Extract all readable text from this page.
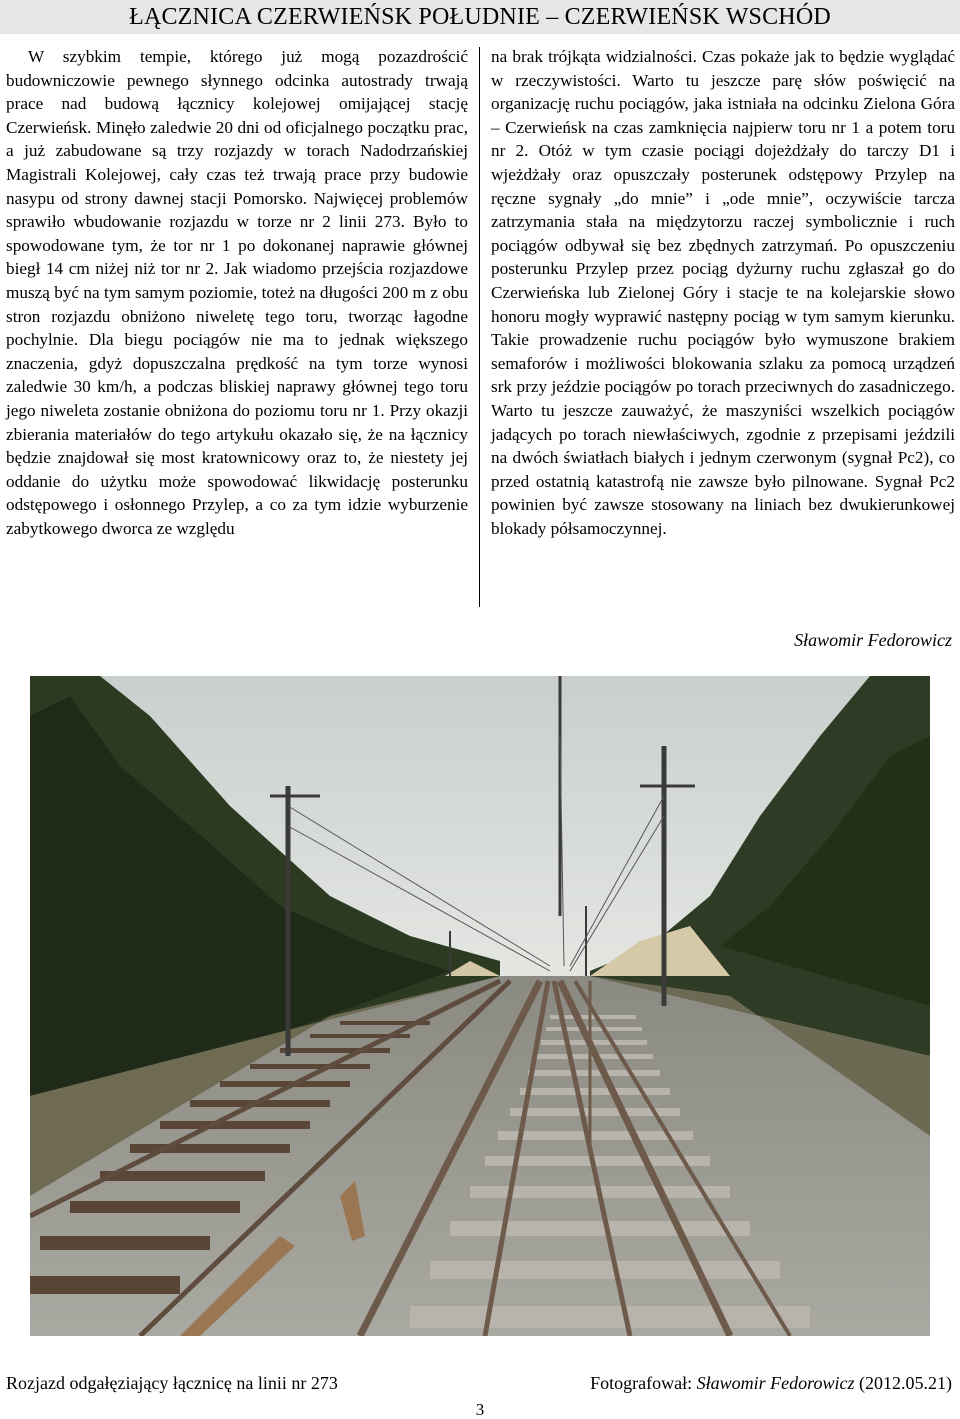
ŁĄCZNICA CZERWIEŃSK POŁUDNIE – CZERWIEŃSK WSCHÓD

W szybkim tempie, którego już mogą pozazdrościć budowniczowie pewnego słynnego odcinka autostrady trwają prace nad budową łącznicy kolejowej omijającej stację Czerwieńsk. Minęło zaledwie 20 dni od oficjalnego początku prac, a już zabudowane są trzy rozjazdy w torach Nadodrzańskiej Magistrali Kolejowej, cały czas też trwają prace przy budowie nasypu od strony dawnej stacji Pomorsko. Najwięcej problemów sprawiło wbudowanie rozjazdu w torze nr 2 linii 273. Było to spowodowane tym, że tor nr 1 po dokonanej naprawie głównej biegł 14 cm niżej niż tor nr 2. Jak wiadomo przejścia rozjazdowe muszą być na tym samym poziomie, toteż na długości 200 m z obu stron rozjazdu obniżono niweletę tego toru, tworząc łagodne pochylnie. Dla biegu pociągów nie ma to jednak większego znaczenia, gdyż dopuszczalna prędkość na tym torze wynosi zaledwie 30 km/h, a podczas bliskiej naprawy głównej tego toru jego niweleta zostanie obniżona do poziomu toru nr 1. Przy okazji zbierania materiałów do tego artykułu okazało się, że na łącznicy będzie znajdował się most kratownicowy oraz to, że niestety jej oddanie do użytku może spowodować likwidację posterunku odstępowego i osłonnego Przylep, a co za tym idzie wyburzenie zabytkowego dworca ze względu

na brak trójkąta widzialności. Czas pokaże jak to będzie wyglądać w rzeczywistości. Warto tu jeszcze parę słów poświęcić na organizację ruchu pociągów, jaka istniała na odcinku Zielona Góra – Czerwieńsk na czas zamknięcia najpierw toru nr 1 a potem toru nr 2. Otóż w tym czasie pociągi dojeżdżały do tarczy D1 i wjeżdżały oraz opuszczały posterunek odstępowy Przylep na ręczne sygnały „do mnie” i „ode mnie”, oczywiście tarcza zatrzymania stała na międzytorzu raczej symbolicznie i ruch pociągów odbywał się bez zbędnych zatrzymań. Po opuszczeniu posterunku Przylep przez pociąg dyżurny ruchu zgłaszał go do Czerwieńska lub Zielonej Góry i stacje te na kolejarskie słowo honoru mogły wyprawić następny pociąg w tym samym kierunku. Takie prowadzenie ruchu pociągów było wymuszone brakiem semaforów i możliwości blokowania szlaku za pomocą urządzeń srk przy jeździe pociągów po torach przeciwnych do zasadniczego. Warto tu jeszcze zauważyć, że maszyniści wszelkich pociągów jadących po torach niewłaściwych, zgodnie z przepisami jeździli na dwóch światłach białych i jednym czerwonym (sygnał Pc2), co przed ostatnią katastrofą nie zawsze było pilnowane. Sygnał Pc2 powinien być zawsze stosowany na liniach bez dwukierunkowej blokady półsamoczynnej.

Sławomir Fedorowicz
Rozjazd odgałęziający łącznicę na linii nr 273	Fotografował: Sławomir Fedorowicz (2012.05.21)
3
